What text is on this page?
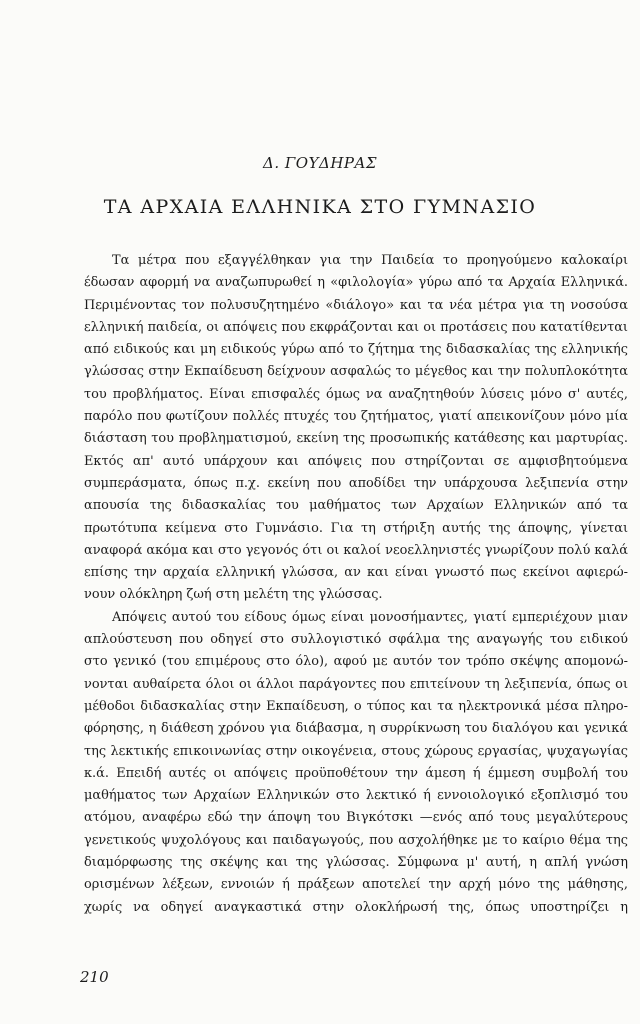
Δ. ΓΟΥΔΗΡΑΣ
ΤΑ ΑΡΧΑΙΑ ΕΛΛΗΝΙΚΑ ΣΤΟ ΓΥΜΝΑΣΙΟ
Τα μέτρα που εξαγγέλθηκαν για την Παιδεία το προηγούμενο καλοκαίρι
έδωσαν αφορμή να αναζωπυρωθεί η «φιλολογία» γύρω από τα Αρχαία Ελληνικά.
Περιμένοντας τον πολυσυζητημένο «διάλογο» και τα νέα μέτρα για τη νοσούσα
ελληνική παιδεία, οι απόψεις που εκφράζονται και οι προτάσεις που κατατίθενται
από ειδικούς και μη ειδικούς γύρω από το ζήτημα της διδασκαλίας της ελληνικής
γλώσσας στην Εκπαίδευση δείχνουν ασφαλώς το μέγεθος και την πολυπλοκότητα
του προβλήματος. Είναι επισφαλές όμως να αναζητηθούν λύσεις μόνο σ' αυτές,
παρόλο που φωτίζουν πολλές πτυχές του ζητήματος, γιατί απεικονίζουν μόνο μία
διάσταση του προβληματισμού, εκείνη της προσωπικής κατάθεσης και μαρτυρίας.
Εκτός απ' αυτό υπάρχουν και απόψεις που στηρίζονται σε αμφισβητούμενα
συμπεράσματα, όπως π.χ. εκείνη που αποδίδει την υπάρχουσα λεξιπενία στην
απουσία της διδασκαλίας του μαθήματος των Αρχαίων Ελληνικών από τα
πρωτότυπα κείμενα στο Γυμνάσιο. Για τη στήριξη αυτής της άποψης, γίνεται
αναφορά ακόμα και στο γεγονός ότι οι καλοί νεοελληνιστές γνωρίζουν πολύ καλά
επίσης την αρχαία ελληνική γλώσσα, αν και είναι γνωστό πως εκείνοι αφιερώ-
νουν ολόκληρη ζωή στη μελέτη της γλώσσας.
Απόψεις αυτού του είδους όμως είναι μονοσήμαντες, γιατί εμπεριέχουν μιαν
απλούστευση που οδηγεί στο συλλογιστικό σφάλμα της αναγωγής του ειδικού
στο γενικό (του επιμέρους στο όλο), αφού με αυτόν τον τρόπο σκέψης απομονώ-
νονται αυθαίρετα όλοι οι άλλοι παράγοντες που επιτείνουν τη λεξιπενία, όπως οι
μέθοδοι διδασκαλίας στην Εκπαίδευση, ο τύπος και τα ηλεκτρονικά μέσα πληρο-
φόρησης, η διάθεση χρόνου για διάβασμα, η συρρίκνωση του διαλόγου και γενικά
της λεκτικής επικοινωνίας στην οικογένεια, στους χώρους εργασίας, ψυχαγωγίας
κ.ά. Επειδή αυτές οι απόψεις προϋποθέτουν την άμεση ή έμμεση συμβολή του
μαθήματος των Αρχαίων Ελληνικών στο λεκτικό ή εννοιολογικό εξοπλισμό του
ατόμου, αναφέρω εδώ την άποψη του Βιγκότσκι —ενός από τους μεγαλύτερους
γενετικούς ψυχολόγους και παιδαγωγούς, που ασχολήθηκε με το καίριο θέμα της
διαμόρφωσης της σκέψης και της γλώσσας. Σύμφωνα μ' αυτή, η απλή γνώση
ορισμένων λέξεων, εννοιών ή πράξεων αποτελεί την αρχή μόνο της μάθησης,
χωρίς να οδηγεί αναγκαστικά στην ολοκλήρωσή της, όπως υποστηρίζει η
210
